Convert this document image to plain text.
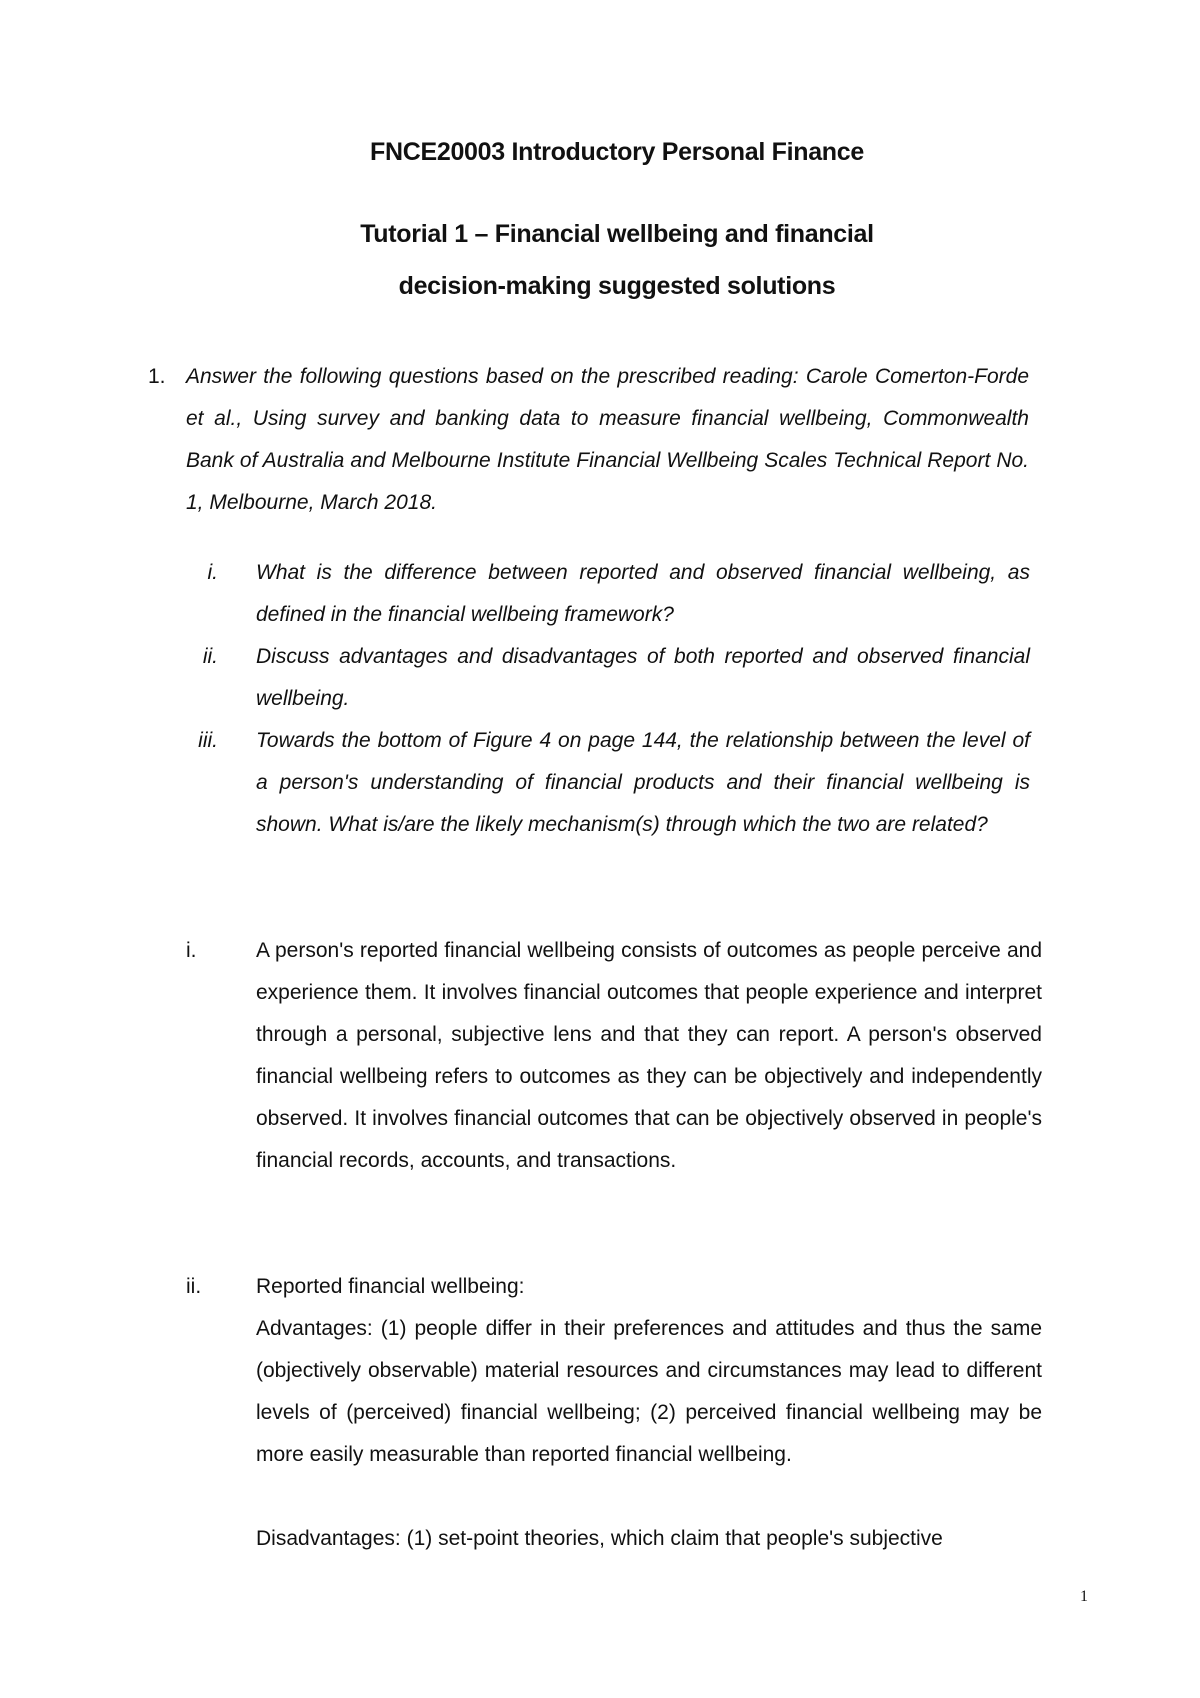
FNCE20003 Introductory Personal Finance
Tutorial 1 – Financial wellbeing and financial
decision-making suggested solutions
1. Answer the following questions based on the prescribed reading: Carole Comerton-Forde et al., Using survey and banking data to measure financial wellbeing, Commonwealth Bank of Australia and Melbourne Institute Financial Wellbeing Scales Technical Report No. 1, Melbourne, March 2018.
i. What is the difference between reported and observed financial wellbeing, as defined in the financial wellbeing framework?
ii. Discuss advantages and disadvantages of both reported and observed financial wellbeing.
iii. Towards the bottom of Figure 4 on page 144, the relationship between the level of a person's understanding of financial products and their financial wellbeing is shown. What is/are the likely mechanism(s) through which the two are related?
i.	A person's reported financial wellbeing consists of outcomes as people perceive and experience them. It involves financial outcomes that people experience and interpret through a personal, subjective lens and that they can report. A person's observed financial wellbeing refers to outcomes as they can be objectively and independently observed. It involves financial outcomes that can be objectively observed in people's financial records, accounts, and transactions.
ii.	Reported financial wellbeing:
Advantages: (1) people differ in their preferences and attitudes and thus the same (objectively observable) material resources and circumstances may lead to different levels of (perceived) financial wellbeing; (2) perceived financial wellbeing may be more easily measurable than reported financial wellbeing.
Disadvantages: (1) set-point theories, which claim that people's subjective
1
